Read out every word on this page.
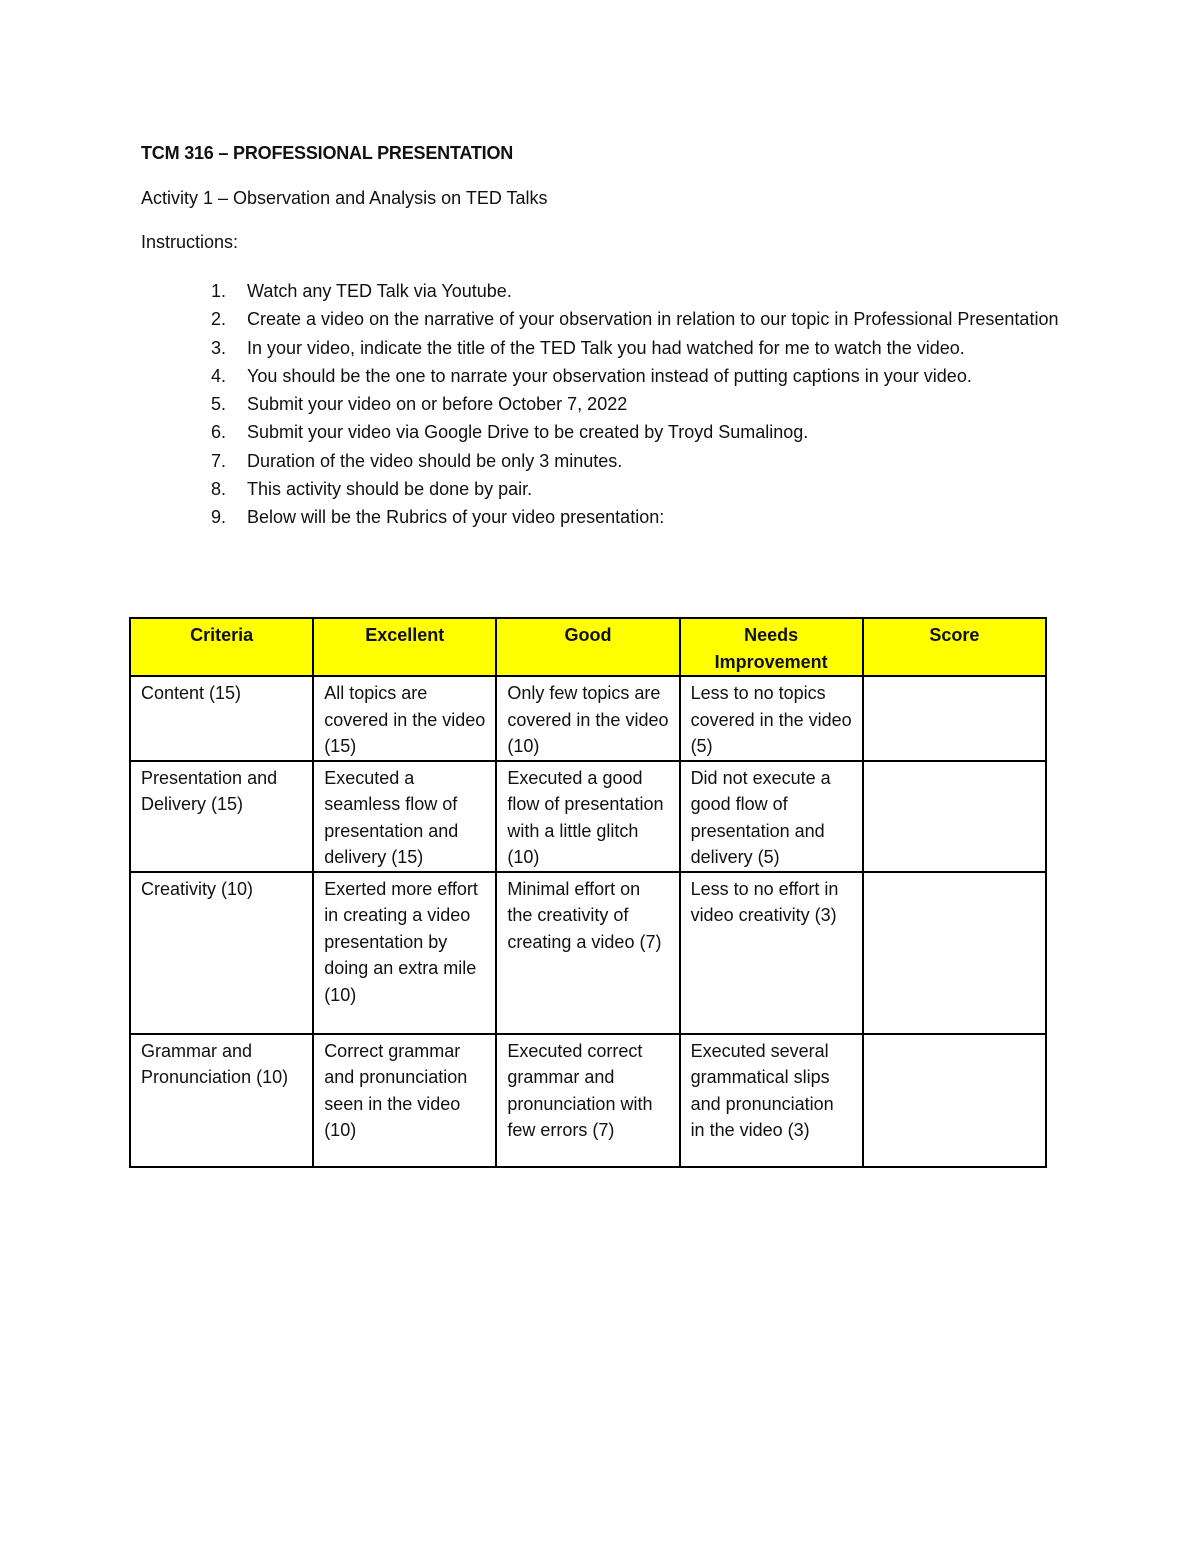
TCM 316 – PROFESSIONAL PRESENTATION
Activity 1 – Observation and Analysis on TED Talks
Instructions:
1. Watch any TED Talk via Youtube.
2. Create a video on the narrative of your observation in relation to our topic in Professional Presentation
3. In your video, indicate the title of the TED Talk you had watched for me to watch the video.
4. You should be the one to narrate your observation instead of putting captions in your video.
5. Submit your video on or before October 7, 2022
6. Submit your video via Google Drive to be created by Troyd Sumalinog.
7. Duration of the video should be only 3 minutes.
8. This activity should be done by pair.
9. Below will be the Rubrics of your video presentation:
Criteria	Excellent	Good	Needs Improvement	Score
Content (15)	All topics are covered in the video (15)	Only few topics are covered in the video (10)	Less to no topics covered in the video (5)	
Presentation and Delivery (15)	Executed a seamless flow of presentation and delivery (15)	Executed a good flow of presentation with a little glitch (10)	Did not execute a good flow of presentation and delivery (5)	
Creativity (10)	Exerted more effort in creating a video presentation by doing an extra mile (10)	Minimal effort on the creativity of creating a video (7)	Less to no effort in video creativity (3)	
Grammar and Pronunciation (10)	Correct grammar and pronunciation seen in the video (10)	Executed correct grammar and pronunciation with few errors (7)	Executed several grammatical slips and pronunciation in the video (3)	
